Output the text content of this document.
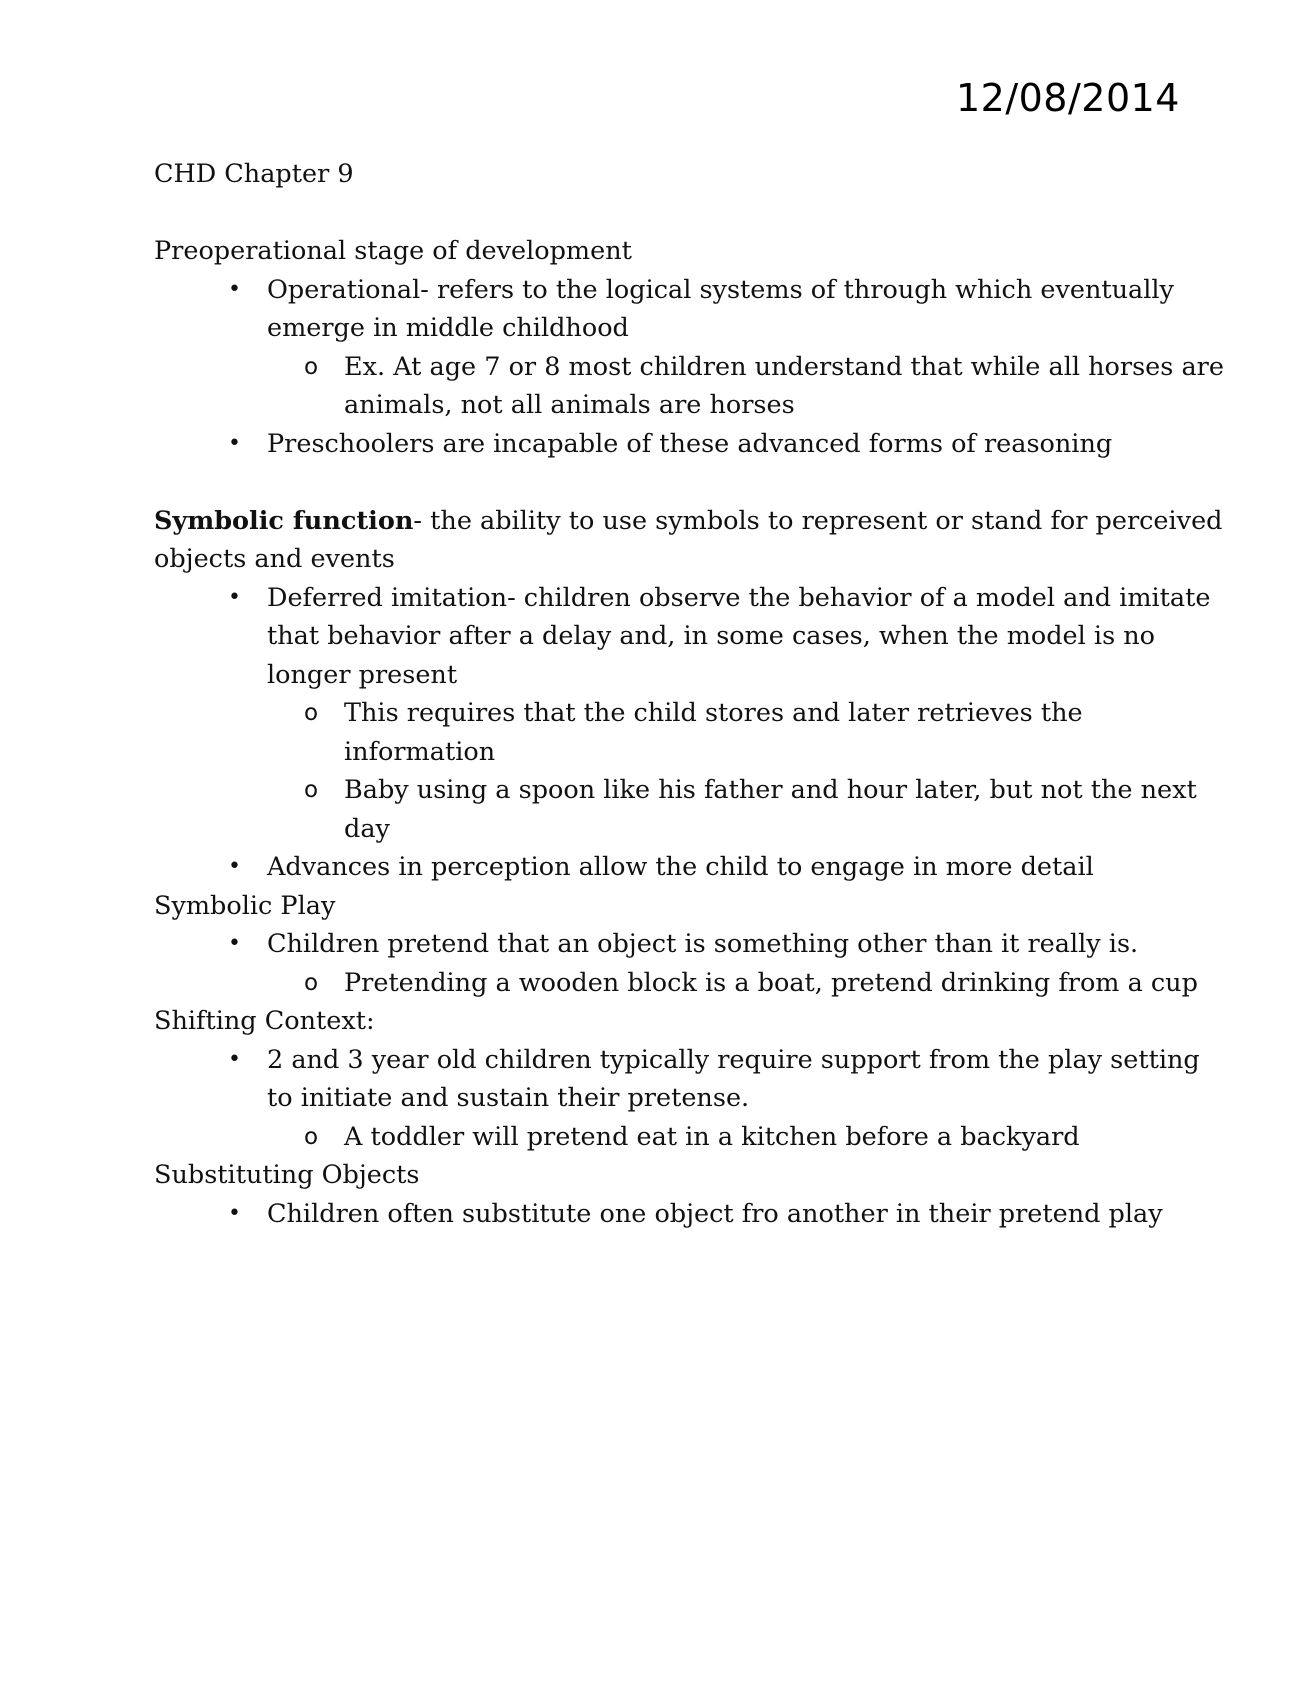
12/08/2014

CHD Chapter 9

Preoperational stage of development

• Operational- refers to the logical systems of through which eventually

emerge in middle childhood

o Ex. At age 7 or 8 most children understand that while all horses are

animals, not all animals are horses

• Preschoolers are incapable of these advanced forms of reasoning

Symbolic function- the ability to use symbols to represent or stand for perceived

objects and events

• Deferred imitation- children observe the behavior of a model and imitate

that behavior after a delay and, in some cases, when the model is no

longer present

o This requires that the child stores and later retrieves the

information

o Baby using a spoon like his father and hour later, but not the next

day

• Advances in perception allow the child to engage in more detail

Symbolic Play

• Children pretend that an object is something other than it really is.

o Pretending a wooden block is a boat, pretend drinking from a cup

Shifting Context:

• 2 and 3 year old children typically require support from the play setting

to initiate and sustain their pretense.

o A toddler will pretend eat in a kitchen before a backyard

Substituting Objects

• Children often substitute one object fro another in their pretend play
